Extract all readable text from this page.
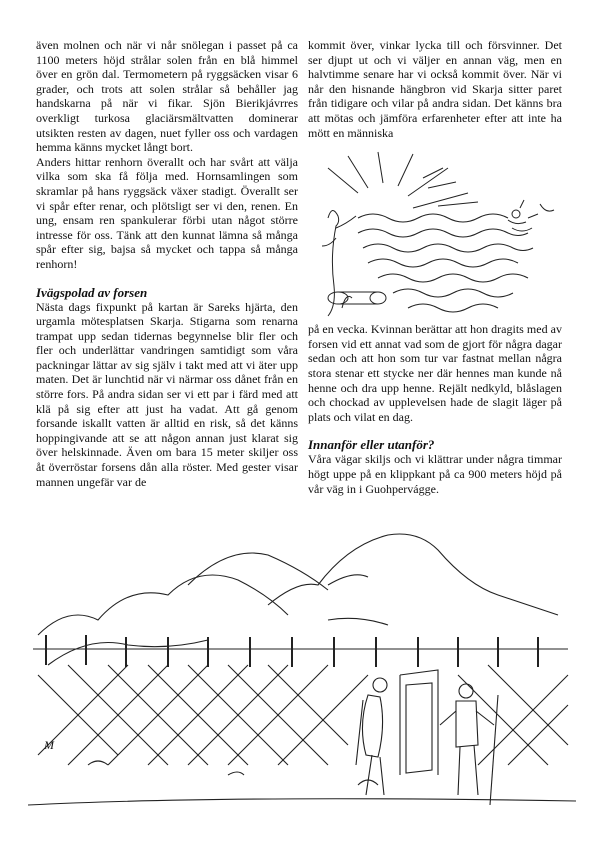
även molnen och när vi når snölegan i passet på ca 1100 meters höjd strålar solen från en blå himmel över en grön dal. Termometern på ryggsäcken visar 6 grader, och trots att solen strålar så behåller jag handskarna på när vi fikar. Sjön Bierikjávrres overkligt turkosa glaciärsmältvatten dominerar utsikten resten av dagen, nuet fyller oss och vardagen hemma känns mycket långt bort.

Anders hittar renhorn överallt och har svårt att välja vilka som ska få följa med. Hornsamlingen som skramlar på hans ryggsäck växer stadigt. Överallt ser vi spår efter renar, och plötsligt ser vi den, renen. En ung, ensam ren spankulerar förbi utan något större intresse för oss. Tänk att den kunnat lämna så många spår efter sig, bajsa så mycket och tappa så många renhorn!

Ivägspolad av forsen

Nästa dags fixpunkt på kartan är Sareks hjärta, den urgamla mötesplatsen Skarja. Stigarna som renarna trampat upp sedan tidernas begynnelse blir fler och fler och underlättar vandringen samtidigt som våra packningar lättar av sig själv i takt med att vi äter upp maten. Det är lunchtid när vi närmar oss dånet från en större fors. På andra sidan ser vi ett par i färd med att klä på sig efter att just ha vadat. Att gå genom forsande iskallt vatten är alltid en risk, så det känns hoppingivande att se att någon annan just klarat sig över helskinnade. Även om bara 15 meter skiljer oss åt överröstar forsens dån alla röster. Med gester visar mannen ungefär var de

kommit över, vinkar lycka till och försvinner. Det ser djupt ut och vi väljer en annan väg, men en halvtimme senare har vi också kommit över. När vi når den hisnande hängbron vid Skarja sitter paret från tidigare och vilar på andra sidan. Det känns bra att mötas och jämföra erfarenheter efter att inte ha mött en människa

på en vecka. Kvinnan berättar att hon dragits med av forsen vid ett annat vad som de gjort för några dagar sedan och att hon som tur var fastnat mellan några stora stenar ett stycke ner där hennes man kunde nå henne och dra upp henne. Rejält nedkyld, blåslagen och chockad av upplevelsen hade de slagit läger på plats och vilat en dag.

Innanför eller utanför?

Våra vägar skiljs och vi klättrar under några timmar högt uppe på en klippkant på ca 900 meters höjd på vår väg in i Guohpervágge.

M
